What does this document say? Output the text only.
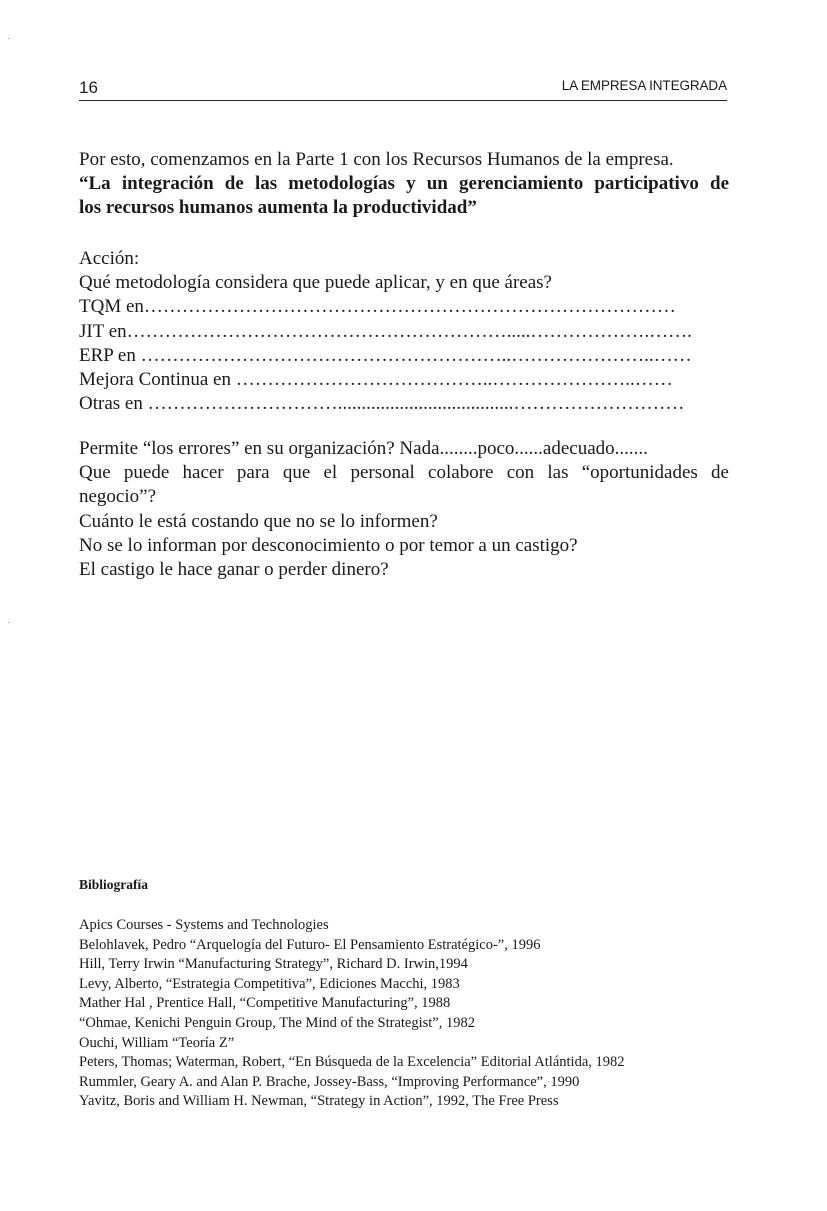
16	LA EMPRESA INTEGRADA
Por esto, comenzamos en la Parte 1 con los Recursos Humanos de la empresa.
“La integración de las metodologías y un gerenciamiento participativo de
los recursos humanos aumenta la productividad”
Acción:
Qué metodología considera que puede aplicar, y en que áreas?
TQM en…………………………………………………………………………
JIT en…………………………………………………….....……………….…….
ERP en …………………………………………………..…………………..……
Mejora Continua en …………………………………..…………………..……
Otras en ………………………….....................................………………………
Permite “los errores” en su organización? Nada........poco......adecuado.......
Que puede hacer para que el personal colabore con las “oportunidades de
negocio”?
Cuánto le está costando que no se lo informen?
No se lo informan por desconocimiento o por temor a un castigo?
El castigo le hace ganar o perder dinero?
Bibliografía
Apics Courses - Systems and Technologies
Belohlavek, Pedro “Arquelogía del Futuro- El Pensamiento Estratégico-”, 1996
Hill, Terry Irwin “Manufacturing Strategy”, Richard D. Irwin,1994
Levy, Alberto, “Estrategia Competitiva”, Ediciones Macchi, 1983
Mather Hal , Prentice Hall, “Competitive Manufacturing”, 1988
“Ohmae, Kenichi Penguin Group, The Mind of the Strategist”, 1982
Ouchi, William “Teoría Z”
Peters, Thomas; Waterman, Robert, “En Búsqueda de la Excelencia” Editorial Atlántida, 1982
Rummler, Geary A. and Alan P. Brache, Jossey-Bass, “Improving Performance”, 1990
Yavitz, Boris and William H. Newman, “Strategy in Action”, 1992, The Free Press
